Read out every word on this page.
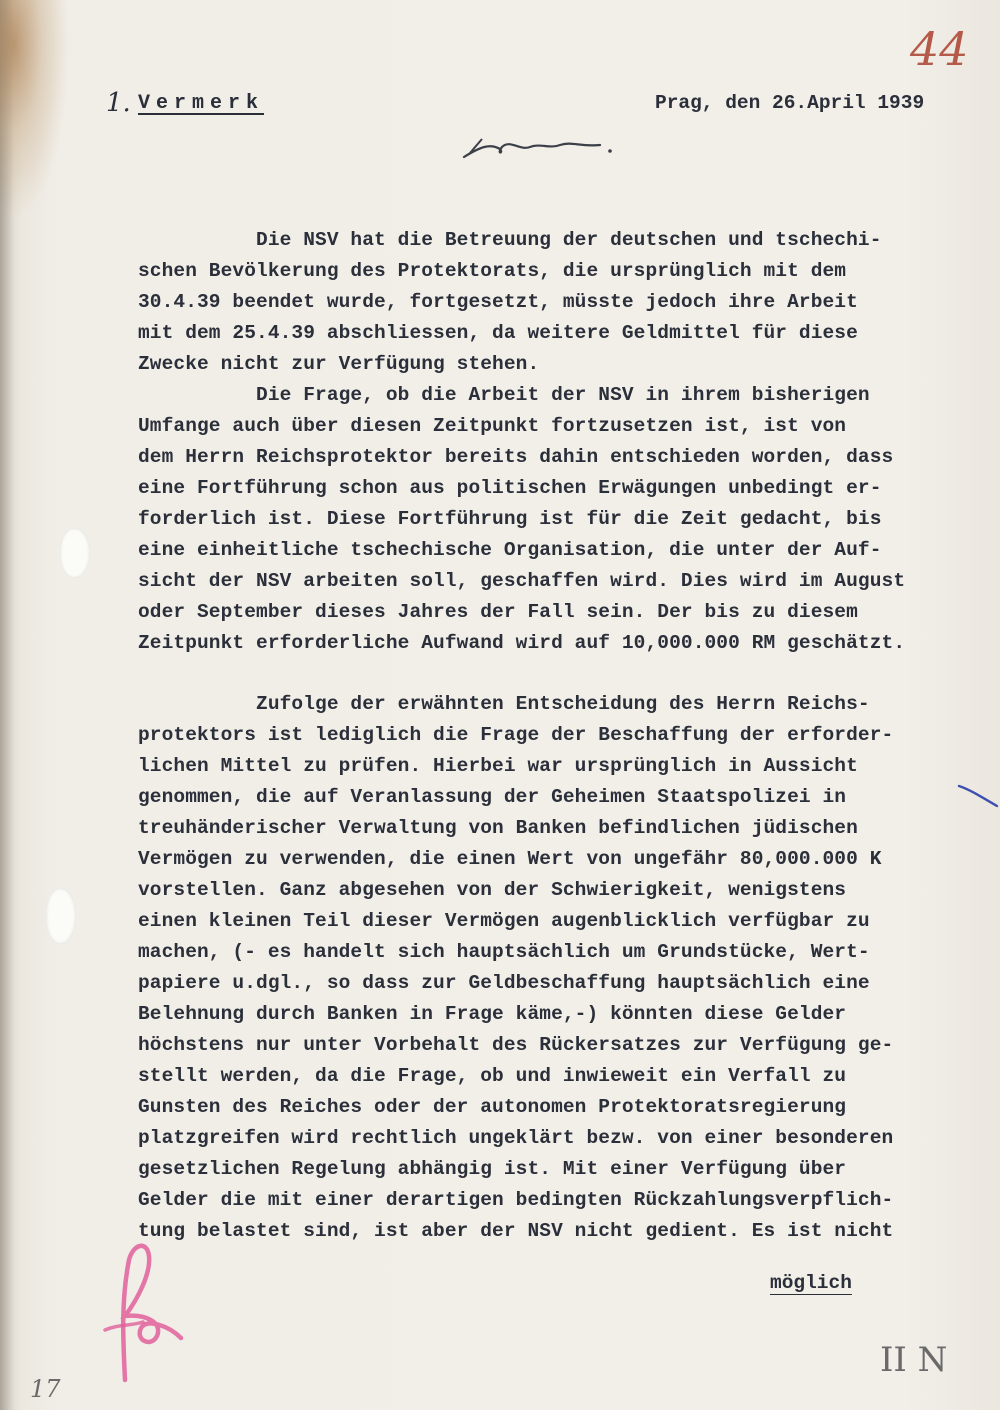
44
1. Vermerk	Prag, den 26.April 1939
Die NSV hat die Betreuung der deutschen und tschechi-
schen Bevölkerung des Protektorats, die ursprünglich mit dem
30.4.39 beendet wurde, fortgesetzt, müsste jedoch ihre Arbeit
mit dem 25.4.39 abschliessen, da weitere Geldmittel für diese
Zwecke nicht zur Verfügung stehen.
Die Frage, ob die Arbeit der NSV in ihrem bisherigen
Umfange auch über diesen Zeitpunkt fortzusetzen ist, ist von
dem Herrn Reichsprotektor bereits dahin entschieden worden, dass
eine Fortführung schon aus politischen Erwägungen unbedingt er-
forderlich ist. Diese Fortführung ist für die Zeit gedacht, bis
eine einheitliche tschechische Organisation, die unter der Auf-
sicht der NSV arbeiten soll, geschaffen wird. Dies wird im August
oder September dieses Jahres der Fall sein. Der bis zu diesem
Zeitpunkt erforderliche Aufwand wird auf 10,000.000 RM geschätzt.
Zufolge der erwähnten Entscheidung des Herrn Reichs-
protektors ist lediglich die Frage der Beschaffung der erforder-
lichen Mittel zu prüfen. Hierbei war ursprünglich in Aussicht
genommen, die auf Veranlassung der Geheimen Staatspolizei in
treuhänderischer Verwaltung von Banken befindlichen jüdischen
Vermögen zu verwenden, die einen Wert von ungefähr 80,000.000 K
vorstellen. Ganz abgesehen von der Schwierigkeit, wenigstens
einen kleinen Teil dieser Vermögen augenblicklich verfügbar zu
machen, (- es handelt sich hauptsächlich um Grundstücke, Wert-
papiere u.dgl., so dass zur Geldbeschaffung hauptsächlich eine
Belehnung durch Banken in Frage käme,-) könnten diese Gelder
höchstens nur unter Vorbehalt des Rückersatzes zur Verfügung ge-
stellt werden, da die Frage, ob und inwieweit ein Verfall zu
Gunsten des Reiches oder der autonomen Protektoratsregierung
platzgreifen wird rechtlich ungeklärt bezw. von einer besonderen
gesetzlichen Regelung abhängig ist. Mit einer Verfügung über
Gelder die mit einer derartigen bedingten Rückzahlungsverpflich-
tung belastet sind, ist aber der NSV nicht gedient. Es ist nicht
möglich
17
II N
